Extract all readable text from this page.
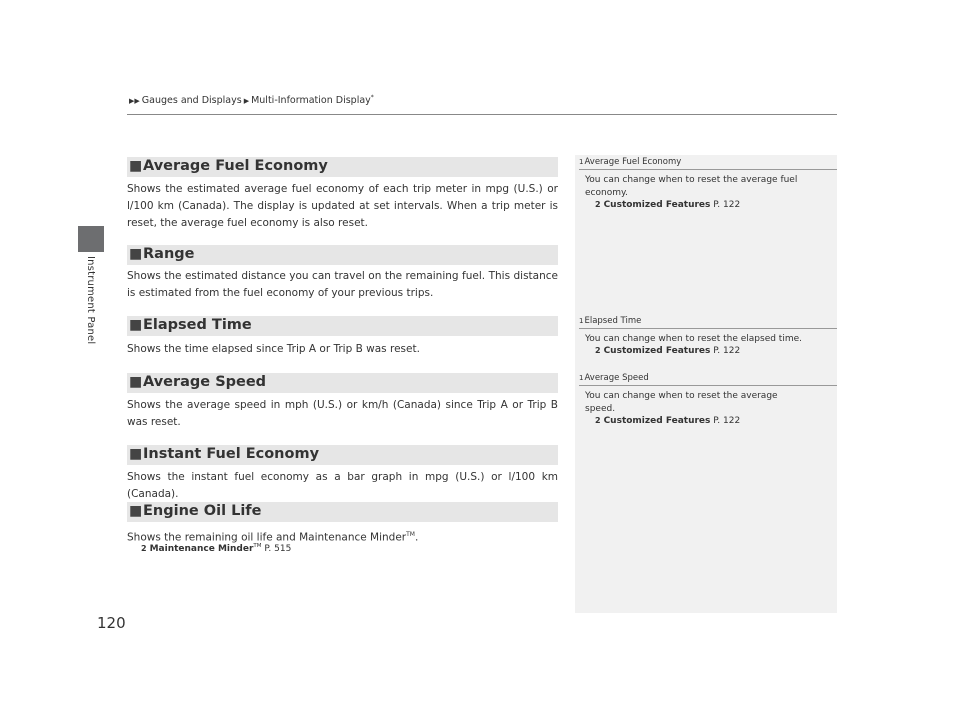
Instrument Panel
▶▶ Gauges and Displays ▶ Multi-Information Display*
■ Average Fuel Economy
Shows the estimated average fuel economy of each trip meter in mpg (U.S.) or l/100 km (Canada). The display is updated at set intervals. When a trip meter is reset, the average fuel economy is also reset.
■ Range
Shows the estimated distance you can travel on the remaining fuel. This distance is estimated from the fuel economy of your previous trips.
■ Elapsed Time
Shows the time elapsed since Trip A or Trip B was reset.
■ Average Speed
Shows the average speed in mph (U.S.) or km/h (Canada) since Trip A or Trip B was reset.
■ Instant Fuel Economy
Shows the instant fuel economy as a bar graph in mpg (U.S.) or l/100 km (Canada).
■ Engine Oil Life
Shows the remaining oil life and Maintenance Minder™.
2 Maintenance Minder™ P. 515
1Average Fuel Economy
You can change when to reset the average fuel economy.
2 Customized Features P. 122
1Elapsed Time
You can change when to reset the elapsed time.
2 Customized Features P. 122
1Average Speed
You can change when to reset the average speed.
2 Customized Features P. 122
120
